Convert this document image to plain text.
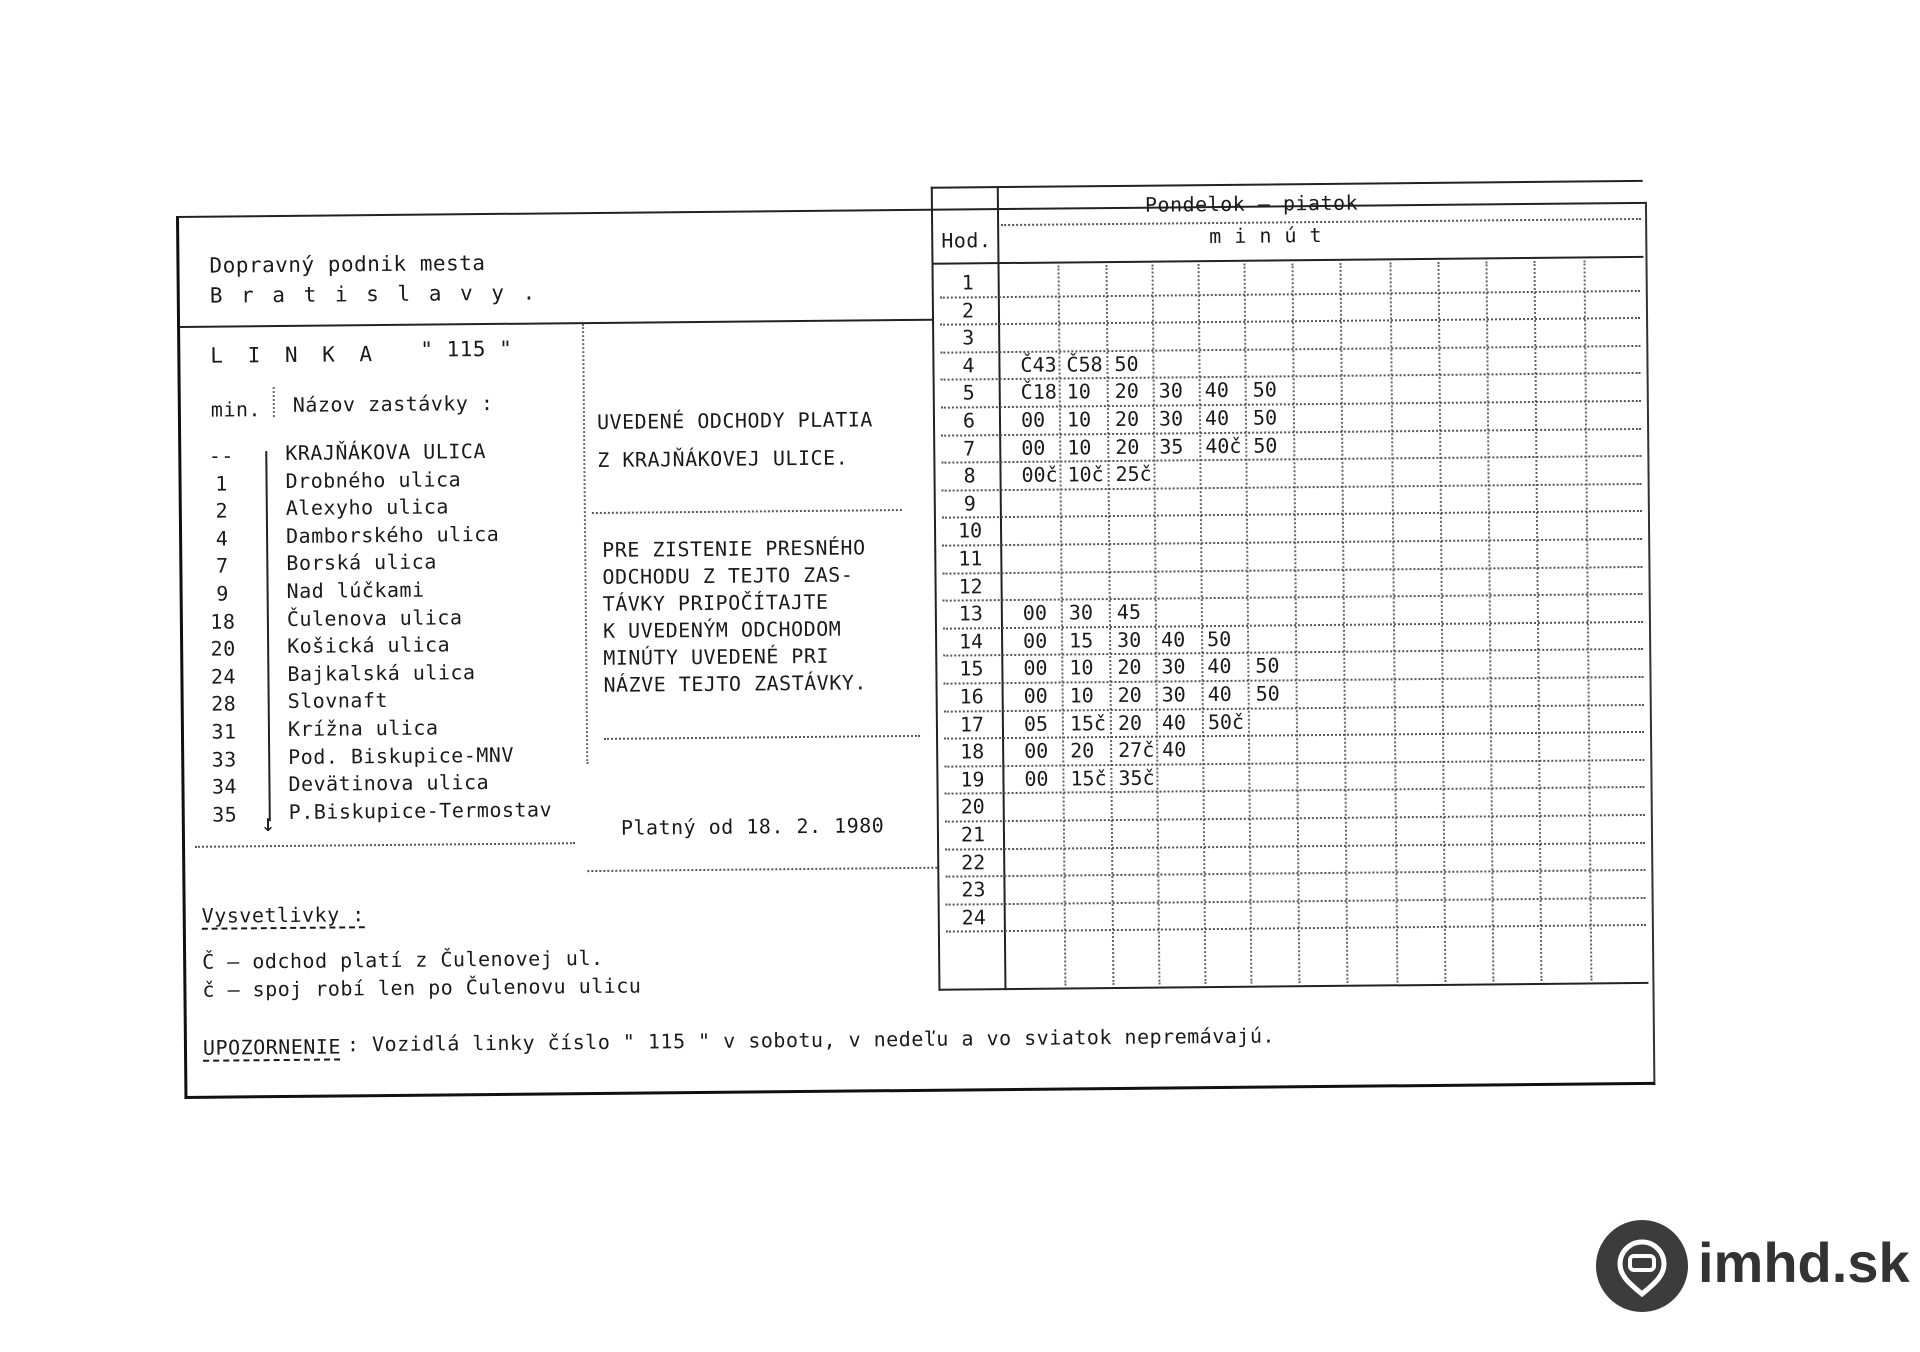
Dopravný podnik mesta
B r a t i s l a v y .
L I N K A " 115 "
min. Názov zastávky :
--	KRAJŇÁKOVA ULICA
1	Drobného ulica
2	Alexyho ulica
4	Damborského ulica
7	Borská ulica
9	Nad lúčkami
18	Čulenova ulica
20	Košická ulica
24	Bajkalská ulica
28	Slovnaft
31	Krížna ulica
33	Pod. Biskupice-MNV
34	Devätinova ulica
35	P.Biskupice-Termostav
↓
UVEDENÉ ODCHODY PLATIA
Z KRAJŇÁKOVEJ ULICE.
PRE ZISTENIE PRESNÉHO
ODCHODU Z TEJTO ZAS-
TÁVKY PRIPOČÍTAJTE
K UVEDENÝM ODCHODOM
MINÚTY UVEDENÉ PRI
NÁZVE TEJTO ZASTÁVKY.
Platný od 18. 2. 1980
Vysvetlivky :
Č – odchod platí z Čulenovej ul.
č – spoj robí len po Čulenovu ulicu
UPOZORNENIE : Vozidlá linky číslo " 115 " v sobotu, v nedeľu a vo sviatok nepremávajú.
Pondelok – piatok
Hod.	m i n ú t
1
2
3
4	Č43 Č58 50
5	Č18 10 20 30 40 50
6	00 10 20 30 40 50
7	00 10 20 35 40č 50
8	00č 10č 25č
9
10
11
12
13	00 30 45
14	00 15 30 40 50
15	00 10 20 30 40 50
16	00 10 20 30 40 50
17	05 15č 20 40 50č
18	00 20 27č 40
19	00 15č 35č
20
21
22
23
24
imhd.sk
